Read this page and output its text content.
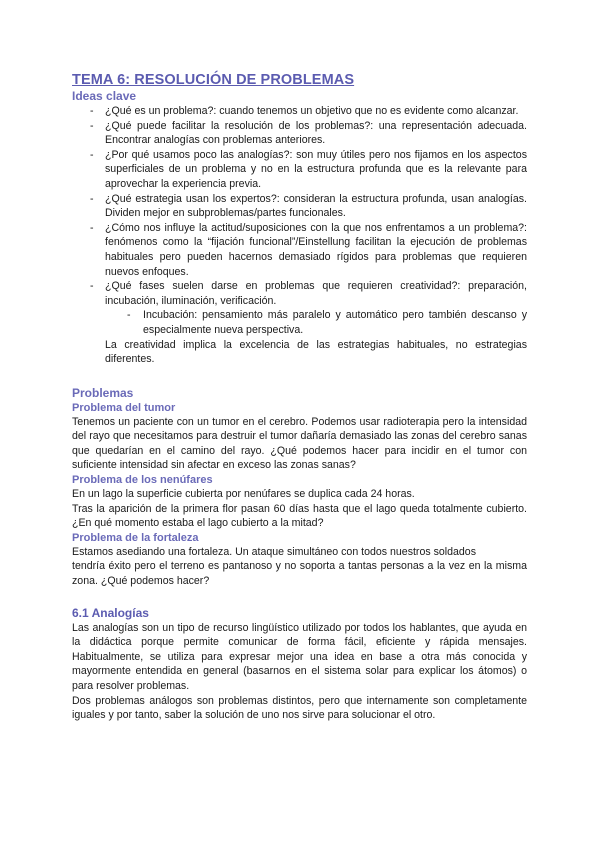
TEMA 6: RESOLUCIÓN DE PROBLEMAS
Ideas clave
- ¿Qué es un problema?: cuando tenemos un objetivo que no es evidente como alcanzar.
- ¿Qué puede facilitar la resolución de los problemas?: una representación adecuada. Encontrar analogías con problemas anteriores.
- ¿Por qué usamos poco las analogías?: son muy útiles pero nos fijamos en los aspectos superficiales de un problema y no en la estructura profunda que es la relevante para aprovechar la experiencia previa.
- ¿Qué estrategia usan los expertos?: consideran la estructura profunda, usan analogías. Dividen mejor en subproblemas/partes funcionales.
- ¿Cómo nos influye la actitud/suposiciones con la que nos enfrentamos a un problema?: fenómenos como la “fijación funcional”/Einstellung facilitan la ejecución de problemas habituales pero pueden hacernos demasiado rígidos para problemas que requieren nuevos enfoques.
- ¿Qué fases suelen darse en problemas que requieren creatividad?: preparación, incubación, iluminación, verificación.
- Incubación: pensamiento más paralelo y automático pero también descanso y especialmente nueva perspectiva.

La creatividad implica la excelencia de las estrategias habituales, no estrategias diferentes.

Problemas
Problema del tumor

Tenemos un paciente con un tumor en el cerebro. Podemos usar radioterapia pero la intensidad del rayo que necesitamos para destruir el tumor dañaría demasiado las zonas del cerebro sanas que quedarían en el camino del rayo. ¿Qué podemos hacer para incidir en el tumor con suficiente intensidad sin afectar en exceso las zonas sanas?

Problema de los nenúfares

En un lago la superficie cubierta por nenúfares se duplica cada 24 horas.

Tras la aparición de la primera flor pasan 60 días hasta que el lago queda totalmente cubierto. ¿En qué momento estaba el lago cubierto a la mitad?

Problema de la fortaleza

Estamos asediando una fortaleza. Un ataque simultáneo con todos nuestros soldados

tendría éxito pero el terreno es pantanoso y no soporta a tantas personas a la vez en la misma zona. ¿Qué podemos hacer?

6.1 Analogías

Las analogías son un tipo de recurso lingüístico utilizado por todos los hablantes, que ayuda en la didáctica porque permite comunicar de forma fácil, eficiente y rápida mensajes. Habitualmente, se utiliza para expresar mejor una idea en base a otra más conocida y mayormente entendida en general (basarnos en el sistema solar para explicar los átomos) o para resolver problemas.

Dos problemas análogos son problemas distintos, pero que internamente son completamente iguales y por tanto, saber la solución de uno nos sirve para solucionar el otro.
